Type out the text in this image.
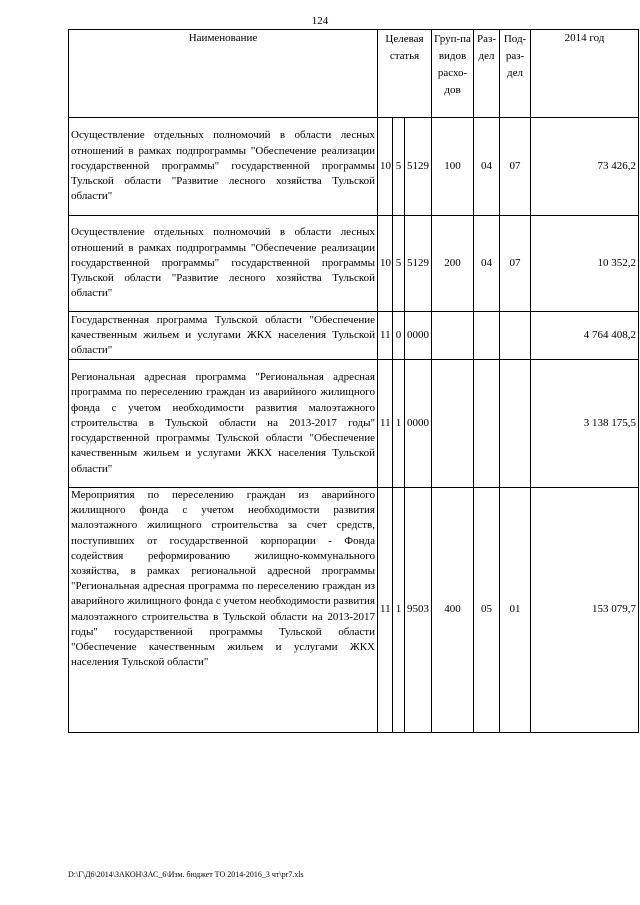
124
Наименование	Целевая статья			Груп-па видов расхо-дов	Раз-дел	Под-раз-дел	2014 год
Осуществление отдельных полномочий в области лесных отношений в рамках подпрограммы "Обеспечение реализации государственной программы" государственной программы Тульской области "Развитие лесного хозяйства Тульской области"	10	5	5129	100	04	07	73 426,2
Осуществление отдельных полномочий в области лесных отношений в рамках подпрограммы "Обеспечение реализации государственной программы" государственной программы Тульской области "Развитие лесного хозяйства Тульской области"	10	5	5129	200	04	07	10 352,2
Государственная программа Тульской области "Обеспечение качественным жильем и услугами ЖКХ населения Тульской области"	11	0	0000				4 764 408,2
Региональная адресная программа "Региональная адресная программа по переселению граждан из аварийного жилищного фонда с учетом необходимости развития малоэтажного строительства в Тульской области на 2013-2017 годы" государственной программы Тульской области "Обеспечение качественным жильем и услугами ЖКХ населения Тульской области"	11	1	0000				3 138 175,5
Мероприятия по переселению граждан из аварийного жилищного фонда с учетом необходимости развития малоэтажного жилищного строительства за счет средств, поступивших от государственной корпорации - Фонда содействия реформированию жилищно-коммунального хозяйства, в рамках региональной адресной программы "Региональная адресная программа по переселению граждан из аварийного жилищного фонда с учетом необходимости развития малоэтажного строительства в Тульской области на 2013-2017 годы" государственной программы Тульской области "Обеспечение качественным жильем и услугами ЖКХ населения Тульской области"	11	1	9503	400	05	01	153 079,7
D:\Г\Д6\2014\ЗАКОН\ЗАС_6\Изм. бюджет ТО 2014-2016_3 чт\pr7.xls
